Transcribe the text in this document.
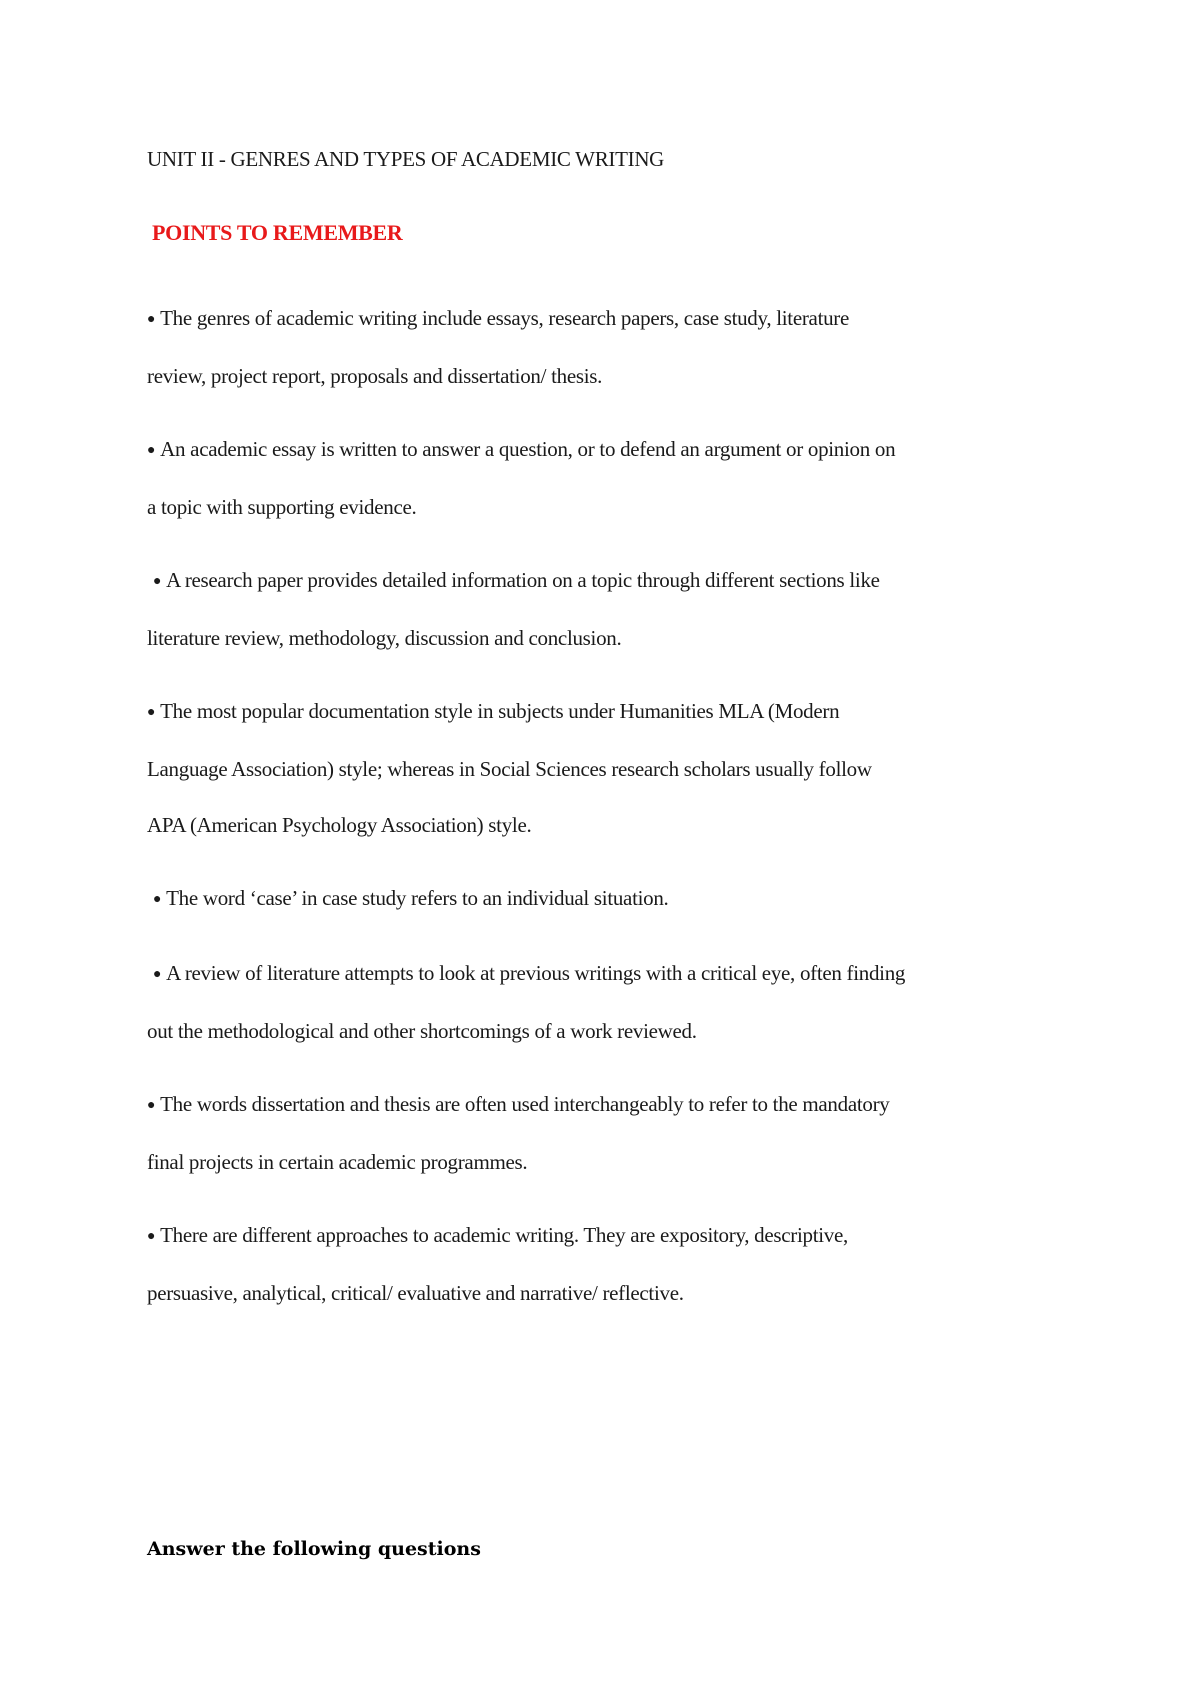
UNIT II - GENRES AND TYPES OF ACADEMIC WRITING
POINTS TO REMEMBER
● The genres of academic writing include essays, research papers, case study, literature
review, project report, proposals and dissertation/ thesis.
● An academic essay is written to answer a question, or to defend an argument or opinion on
a topic with supporting evidence.
● A research paper provides detailed information on a topic through different sections like
literature review, methodology, discussion and conclusion.
● The most popular documentation style in subjects under Humanities MLA (Modern
Language Association) style; whereas in Social Sciences research scholars usually follow
APA (American Psychology Association) style.
● The word ‘case’ in case study refers to an individual situation.
● A review of literature attempts to look at previous writings with a critical eye, often finding
out the methodological and other shortcomings of a work reviewed.
● The words dissertation and thesis are often used interchangeably to refer to the mandatory
final projects in certain academic programmes.
● There are different approaches to academic writing. They are expository, descriptive,
persuasive, analytical, critical/ evaluative and narrative/ reflective.
Answer the following questions
